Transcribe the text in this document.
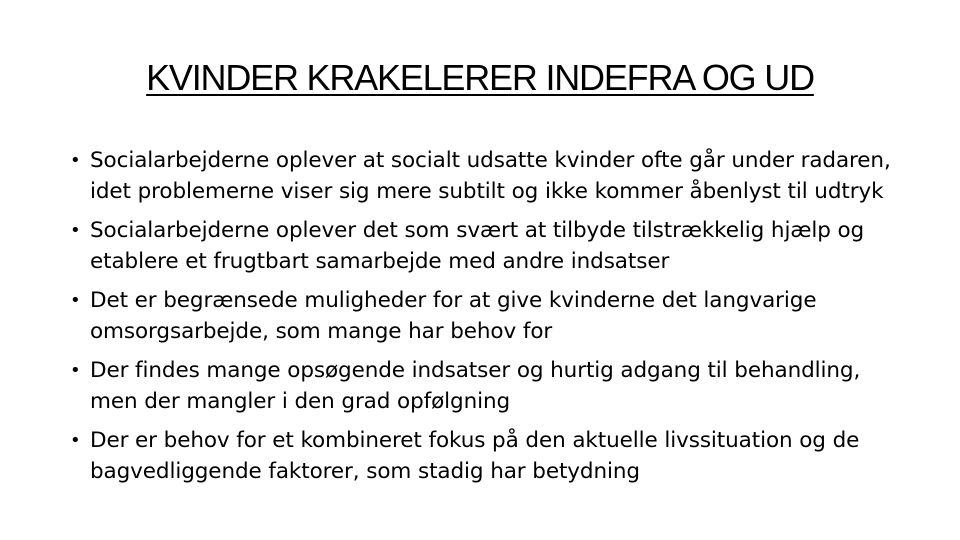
KVINDER KRAKELERER INDEFRA OG UD
• Socialarbejderne oplever at socialt udsatte kvinder ofte går under radaren, idet problemerne viser sig mere subtilt og ikke kommer åbenlyst til udtryk
• Socialarbejderne oplever det som svært at tilbyde tilstrækkelig hjælp og etablere et frugtbart samarbejde med andre indsatser
• Det er begrænsede muligheder for at give kvinderne det langvarige omsorgsarbejde, som mange har behov for
• Der findes mange opsøgende indsatser og hurtig adgang til behandling, men der mangler i den grad opfølgning
• Der er behov for et kombineret fokus på den aktuelle livssituation og de bagvedliggende faktorer, som stadig har betydning
